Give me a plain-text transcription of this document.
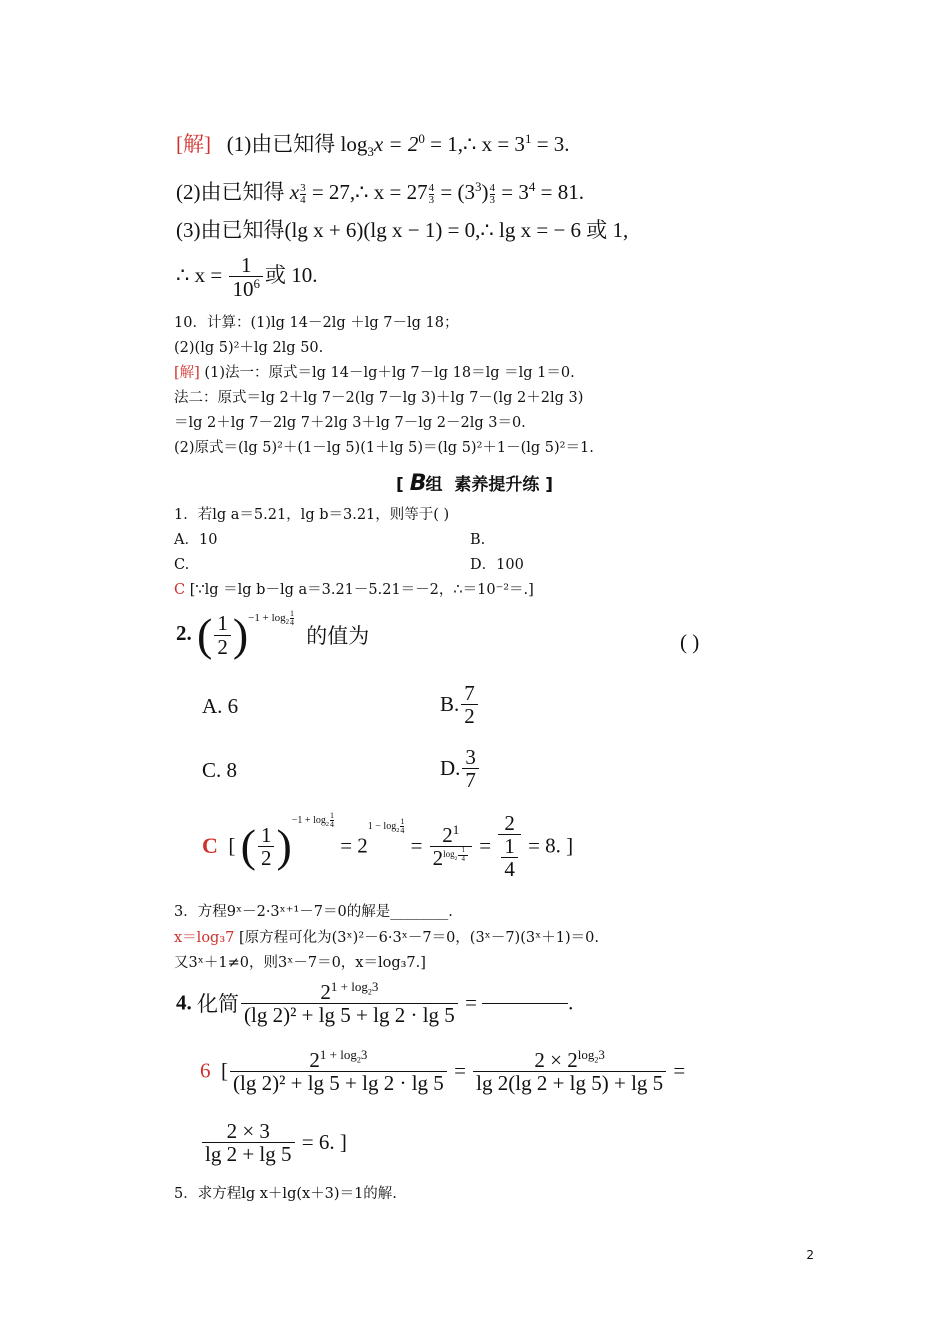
[解] (1)由已知得 $\log_3x = 2^0$ = 1,∴ $x = 3^1 = 3$.
(2)由已知得 x $\frac{3}{4}$ = 27,∴ $x = 27 \frac{4}{3} = (3^3) \frac{4}{3} = 3^4 = 81$.
(3)由已知得(lg x + 6)(lg x − 1) = 0,∴ lg x = − 6 或 1,
∴ $x = \frac{1}{10^6}$ 或 10.
10．计算：(1)lg 14－2lg ＋lg 7－lg 18；
(2)(lg 5)²＋lg 2lg 50.
[解] (1)法一：原式＝lg 14－lg＋lg 7－lg 18＝lg ＝lg 1＝0.
法二：原式＝lg 2＋lg 7－2(lg 7－lg 3)＋lg 7－(lg 2＋2lg 3)
＝lg 2＋lg 7－2lg 7＋2lg 3＋lg 7－lg 2－2lg 3＝0.
(2)原式＝(lg 5)²＋(1－lg 5)(1＋lg 5)＝(lg 5)²＋1－(lg 5)²＝1.
[ B组 素养提升练 ]
1．若lg a＝5.21，lg b＝3.21，则等于( )
A．10	B.
C.	D．100
C [∵lg ＝lg b－lg a＝3.21－5.21＝－2，∴＝10⁻²＝.]
2. ( $\frac{1}{2} )-1 + \log_2 \frac{1}{4}$
的值为	( )
A. 6	B. $\frac{7}{2}$
C. 8	D. $\frac{3}{7}$
C [ ( $\frac{1}{2} )-1 + \log_2 \frac{1}{4}$
= $21 - \log_2 \frac{1}{4}$
= $2^1$
$2^{log_2 \frac{1}{4}} = \frac{2}{\frac{1}{4}} = 8$. ]
3．方程9ˣ－2·3ˣ⁺¹－7＝0的解是________.
x＝log₃7 [原方程可化为(3ˣ)²－6·3ˣ－7＝0，(3ˣ－7)(3ˣ＋1)＝0.
又3ˣ＋1≠0，则3ˣ－7＝0，x＝log₃7.]
4. 化简 $\frac{2^{1 + log_23}}{\text{(lg 2)² + lg 5 + lg 2 · lg 5}}$ =	.
6 [ $\frac{2^{1 + log_23}}{\text{(lg 2)² + lg 5 + lg 2 · lg 5}} = \frac{2 \times 2^{log_23}}{\lg 2(\lg 2 + \lg 5) + \lg 5}$ =
$\frac{2 \times 3}{\lg 2 + \lg 5} = 6$. ]
5．求方程lg x＋lg(x＋3)＝1的解.
2
